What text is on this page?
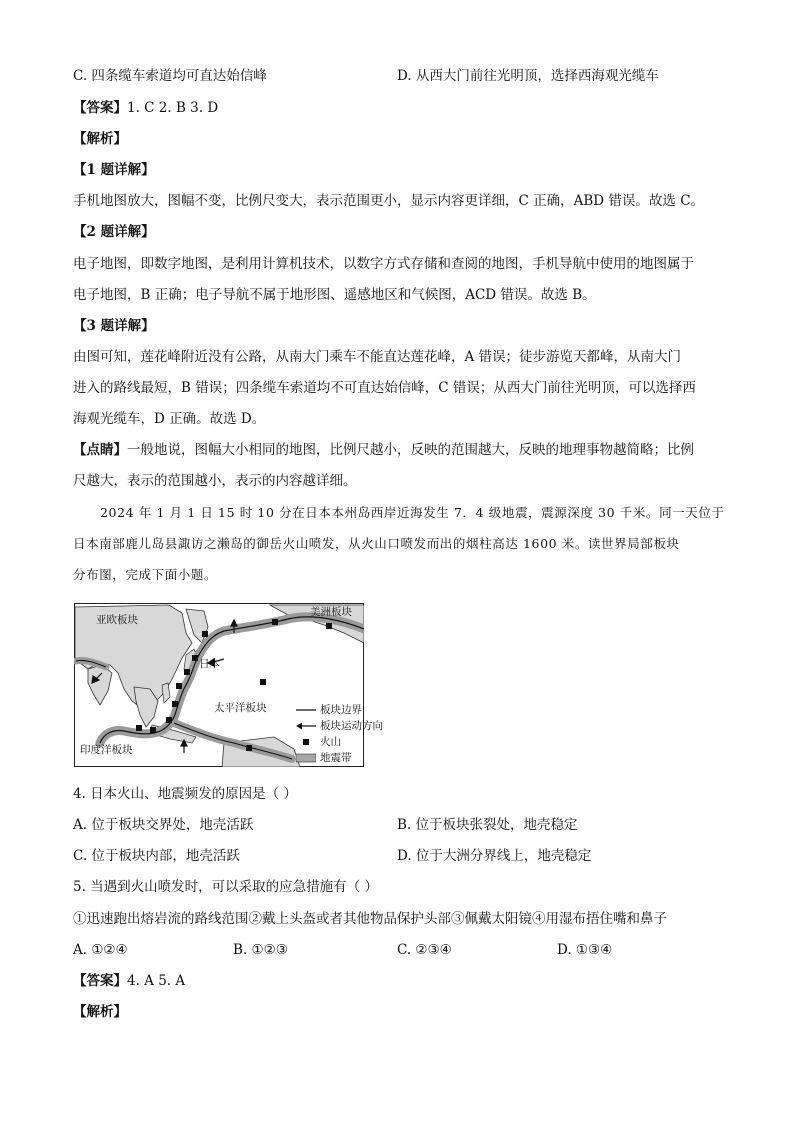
C. 四条缆车索道均可直达始信峰	D. 从西大门前往光明顶，选择西海观光缆车
【答案】1. C 2. B 3. D
【解析】
【1 题详解】
手机地图放大，图幅不变，比例尺变大，表示范围更小，显示内容更详细，C 正确，ABD 错误。故选 C。
【2 题详解】
电子地图，即数字地图，是利用计算机技术，以数字方式存储和查阅的地图，手机导航中使用的地图属于
电子地图，B 正确；电子导航不属于地形图、遥感地区和气候图，ACD 错误。故选 B。
【3 题详解】
由图可知，莲花峰附近没有公路，从南大门乘车不能直达莲花峰，A 错误；徒步游览天都峰，从南大门
进入的路线最短，B 错误；四条缆车索道均不可直达始信峰，C 错误；从西大门前往光明顶，可以选择西
海观光缆车，D 正确。故选 D。
【点睛】一般地说，图幅大小相同的地图，比例尺越小，反映的范围越大，反映的地理事物越简略；比例
尺越大，表示的范围越小，表示的内容越详细。
2024 年 1 月 1 日 15 时 10 分在日本本州岛西岸近海发生 7．4 级地震，震源深度 30 千米。同一天位于
日本南部鹿儿岛县諏访之濑岛的御岳火山喷发，从火山口喷发而出的烟柱高达 1600 米。读世界局部板块
分布图，完成下面小题。
亚欧板块
美洲板块
日本
太平洋板块
印度洋板块
板块边界
板块运动方向
火山
地震带
4. 日本火山、地震频发的原因是（ ）
A. 位于板块交界处，地壳活跃	B. 位于板块张裂处，地壳稳定
C. 位于板块内部，地壳活跃	D. 位于大洲分界线上，地壳稳定
5. 当遇到火山喷发时，可以采取的应急措施有（ ）
①迅速跑出熔岩流的路线范围②戴上头盔或者其他物品保护头部③佩戴太阳镜④用湿布捂住嘴和鼻子
A. ①②④	B. ①②③	C. ②③④	D. ①③④
【答案】4. A 5. A
【解析】
